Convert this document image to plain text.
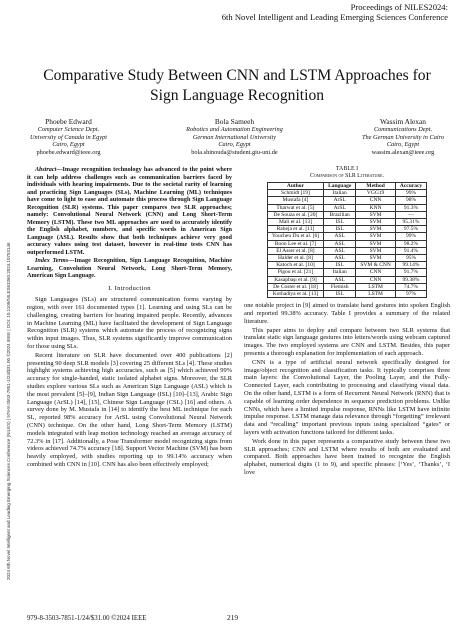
Proceedings of NILES2024:
6th Novel Intelligent and Leading Emerging Sciences Conference
2024 6th Novel Intelligent and Leading Emerging Sciences Conference (NILES) | 979-8-3503-7851-1/24/$31.00 ©2024 IEEE | DOI: 10.1109/NILES63360.2024.10753146
Comparative Study Between CNN and LSTM Approaches for Sign Language Recognition
Phoebe Edward
Computer Science Dept.
University of Canada in Egypt
Cairo, Egypt
phoebe.edward@ieee.org
Bola Sameeh
Robotics and Automation Engineering
German International University
Cairo, Egypt
bola.shinouda@student.giu-uni.de
Wassim Alexan
Communications Dept.
The German University in Cairo
Cairo, Egypt
wassim.alexan@ieee.org

Abstract—Image recognition technology has advanced to the point where it can help address challenges such as communication barriers faced by individuals with hearing impairments. Due to the societal rarity of learning and practicing Sign Languages (SLs), Machine Learning (ML) techniques have come to light to ease and automate this process through Sign Language Recognition (SLR) systems. This paper compares two SLR approaches; namely: Convolutional Neural Network (CNN) and Long Short-Term Memory (LSTM). These two ML approaches are used to accurately identify the English alphabet, numbers, and specific words in American Sign Language (ASL). Results show that both techniques achieve very good accuracy values using test dataset, however in real-time tests CNN has outperformed LSTM.

Index Terms—Image Recognition, Sign Language Recognition, Machine Learning, Convolution Neural Network, Long Short-Term Memory, American Sign Language.

I. Introduction

Sign Languages (SLs) are structured communication forms varying by region, with over 161 documented types [1]. Learning and using SLs can be challenging, creating barriers for hearing impaired people. Recently, advances in Machine Learning (ML) have facilitated the development of Sign Language Recognition (SLR) systems which automate the process of recognizing signs within input images. Thus, SLR systems significantly improve communication for those using SLs.

Recent literature on SLR have documented over 400 publications [2] presenting 90 deep SLR models [3] covering 25 different SLs [4]. These studies highlight systems achieving high accuracies, such as [5] which achieved 99% accuracy for single-handed, static isolated alphabet signs. Moreover, the SLR studies explore various SLs such as American Sign Language (ASL) which is the most prevalent [5]–[9], Indian Sign Language (ISL) [10]–[13], Arabic Sign Language (ArSL) [14], [15], Chinese Sign Language (CSL) [16] and others. A survey done by M. Mustafa in [14] to identify the best ML technique for each SL, reported 98% accuracy for ArSL using Convolutional Neural Network (CNN) technique. On the other hand, Long Short-Term Memory (LSTM) models integrated with leap motion technology reached an average accuracy of 72.3% in [17]. Additionally, a Pose Transformer model recognizing signs from videos achieved 74.7% accuracy [18]. Support Vector Machine (SVM) has been heavily employed, with studies reporting up to 99.14% accuracy when combined with CNN in [10]. CNN has also been effectively employed;

TABLE I
Comparison of SLR Literature.
Author	Language	Method	Accuracy
Schmidt [19]	Italian	VGG19	99%
Mustafa [4]	ArSL	CNN	98%
Tharwat et al. [5]	ArSL	KNN	91.3%
De Souza et al. [20]	Brazilian	SVM	—
Mali et al. [13]	ISL	SVM	95.31%
Raheja et al. [11]	ISL	SVM	97.5%
Youcheu Du et al. [6]	ASL	SVM	99%
Boon Lee et al. [7]	ASL	SVM	98.2%
El Asser et al. [8]	ASL	SVM	91.4%
Halder et al. [8]	ASL	SVM	95%
Katoch et al. [10]	ISL	SVM & CNN	99.14%
Pigou et al. [21]	Italian	CNN	91.7%
Kasapbaşı et al. [9]	ASL	CNN	99.38%
De Coster et al. [18]	Flemish	LSTM	74.7%
Kothadiya et al. [13]	ISL	LSTM	97%

one notable project in [9] aimed to translate hand gestures into spoken English and reported 99.38% accuracy. Table I provides a summary of the related literature.

This paper aims to deploy and compare between two SLR systems that translate static sign language gestures into letters/words using webcam captured images. The two employed systems are CNN and LSTM. Besides, this paper presents a thorough explanation for implementation of each approach.

CNN is a type of artificial neural network specifically designed for image/object recognition and classification tasks. It typically comprises three main layers: the Convolutional Layer, the Pooling Layer, and the Fully-Connected Layer, each contributing to processing and classifying visual data. On the other hand, LSTM is a form of Recurrent Neural Network (RNN) that is capable of learning order dependence in sequence prediction problems. Unlike CNNs, which have a limited impulse response, RNNs like LSTM have infinite impulse response. LSTM manage data relevance through “forgetting” irrelevant data and “recalling” important previous inputs using specialized “gates” or layers with activation functions tailored for different tasks.

Work done in this paper represents a comparative study between these two SLR approaches; CNN and LSTM where results of both are evaluated and compared. Both approaches have been trained to recognize the English alphabet, numerical digits (1 to 9), and specific phrases: [‘Yes’, ‘Thanks’, ‘I love

979-8-3503-7851-1/24/$31.00 ©2024 IEEE	219
